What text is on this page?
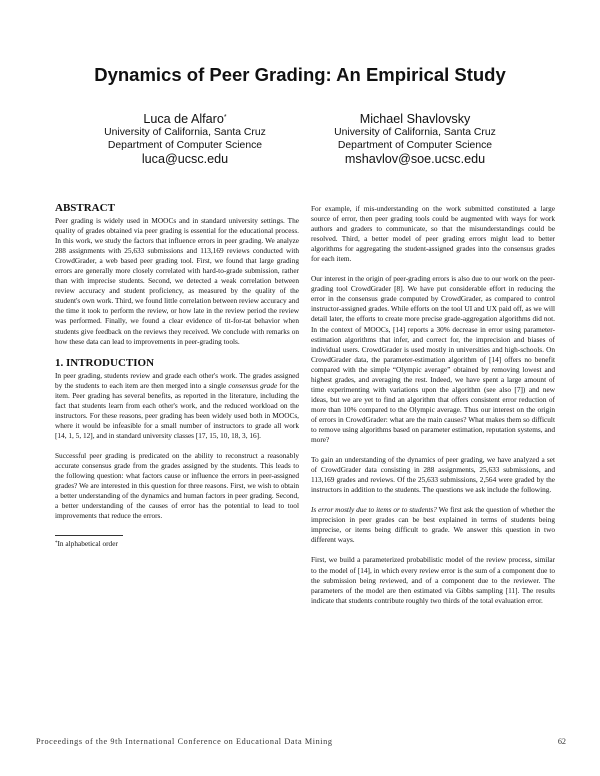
Dynamics of Peer Grading: An Empirical Study
Luca de Alfaro*
University of California, Santa Cruz
Department of Computer Science
luca@ucsc.edu
Michael Shavlovsky
University of California, Santa Cruz
Department of Computer Science
mshavlov@soe.ucsc.edu
ABSTRACT

Peer grading is widely used in MOOCs and in standard university settings. The quality of grades obtained via peer grading is essential for the educational process. In this work, we study the factors that influence errors in peer grading. We analyze 288 assignments with 25,633 submissions and 113,169 reviews conducted with CrowdGrader, a web based peer grading tool. First, we found that large grading errors are generally more closely correlated with hard-to-grade submission, rather than with imprecise students. Second, we detected a weak correlation between review accuracy and student proficiency, as measured by the quality of the student's own work. Third, we found little correlation between review accuracy and the time it took to perform the review, or how late in the review period the review was performed. Finally, we found a clear evidence of tit-for-tat behavior when students give feedback on the reviews they received. We conclude with remarks on how these data can lead to improvements in peer-grading tools.

1. INTRODUCTION

In peer grading, students review and grade each other's work. The grades assigned by the students to each item are then merged into a single consensus grade for the item. Peer grading has several benefits, as reported in the literature, including the fact that students learn from each other's work, and the reduced workload on the instructors. For these reasons, peer grading has been widely used both in MOOCs, where it would be infeasible for a small number of instructors to grade all work [14, 1, 5, 12], and in standard university classes [17, 15, 10, 18, 3, 16].

Successful peer grading is predicated on the ability to reconstruct a reasonably accurate consensus grade from the grades assigned by the students. This leads to the following question: what factors cause or influence the errors in peer-assigned grades? We are interested in this question for three reasons. First, we wish to obtain a better understanding of the dynamics and human factors in peer grading. Second, a better understanding of the causes of error has the potential to lead to tool improvements that reduce the errors.

*In alphabetical order

For example, if mis-understanding on the work submitted constituted a large source of error, then peer grading tools could be augmented with ways for work authors and graders to communicate, so that the misunderstandings could be resolved. Third, a better model of peer grading errors might lead to better algorithms for aggregating the student-assigned grades into the consensus grades for each item.

Our interest in the origin of peer-grading errors is also due to our work on the peer-grading tool CrowdGrader [8]. We have put considerable effort in reducing the error in the consensus grade computed by CrowdGrader, as compared to control instructor-assigned grades. While efforts on the tool UI and UX paid off, as we will detail later, the efforts to create more precise grade-aggregation algorithms did not. In the context of MOOCs, [14] reports a 30% decrease in error using parameter-estimation algorithms that infer, and correct for, the imprecision and biases of individual users. CrowdGrader is used mostly in universities and high-schools. On CrowdGrader data, the parameter-estimation algorithm of [14] offers no benefit compared with the simple “Olympic average” obtained by removing lowest and highest grades, and averaging the rest. Indeed, we have spent a large amount of time experimenting with variations upon the algorithm (see also [7]) and new ideas, but we are yet to find an algorithm that offers consistent error reduction of more than 10% compared to the Olympic average. Thus our interest on the origin of errors in CrowdGrader: what are the main causes? What makes them so difficult to remove using algorithms based on parameter estimation, reputation systems, and more?

To gain an understanding of the dynamics of peer grading, we have analyzed a set of CrowdGrader data consisting in 288 assignments, 25,633 submissions, and 113,169 grades and reviews. Of the 25,633 submissions, 2,564 were graded by the instructors in addition to the students. The questions we ask include the following.

Is error mostly due to items or to students? We first ask the question of whether the imprecision in peer grades can be best explained in terms of students being imprecise, or items being difficult to grade. We answer this question in two different ways.

First, we build a parameterized probabilistic model of the review process, similar to the model of [14], in which every review error is the sum of a component due to the submission being reviewed, and of a component due to the reviewer. The parameters of the model are then estimated via Gibbs sampling [11]. The results indicate that students contribute roughly two thirds of the total evaluation error.

Proceedings of the 9th International Conference on Educational Data Mining	62
